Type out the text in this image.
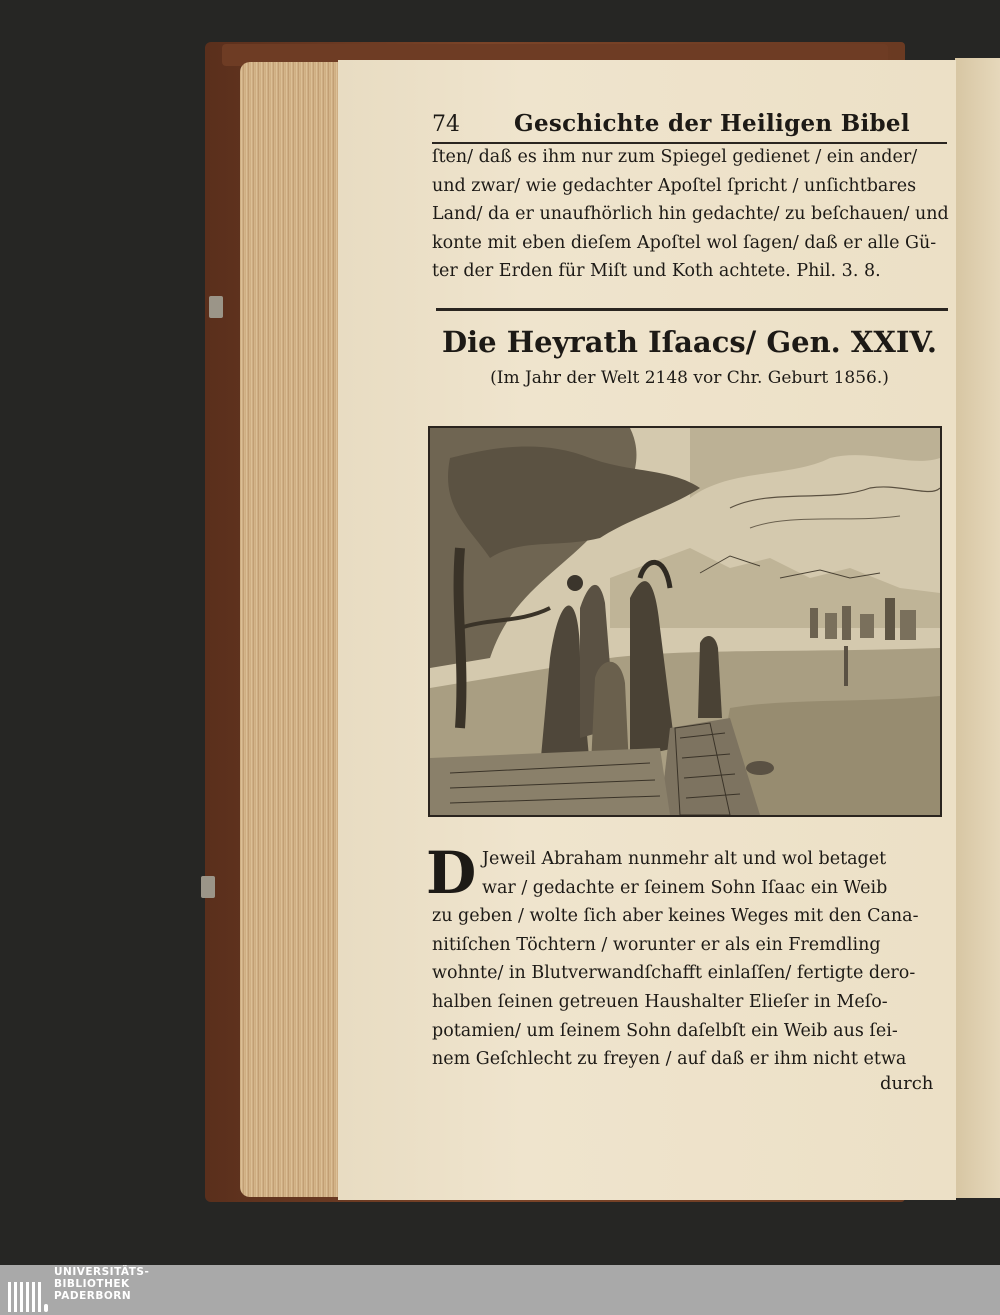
74 Geschichte der Heiligen Bibel
ſten/ daß es ihm nur zum Spiegel gedienet / ein ander/
und zwar/ wie gedachter Apoſtel ſpricht / unſichtbares
Land/ da er unaufhörlich hin gedachte/ zu beſchauen/ und
konte mit eben dieſem Apoſtel wol ſagen/ daß er alle Gü-
ter der Erden für Miſt und Koth achtete. Phil. 3. 8.
Die Heyrath Iſaacs/ Gen. XXIV.
(Im Jahr der Welt 2148 vor Chr. Geburt 1856.)
D Jeweil Abraham nunmehr alt und wol betaget
war / gedachte er ſeinem Sohn Iſaac ein Weib
zu geben / wolte ſich aber keines Weges mit den Cana-
nitiſchen Töchtern / worunter er als ein Fremdling
wohnte/ in Blutverwandſchafft einlaſſen/ fertigte dero-
halben ſeinen getreuen Haushalter Elieſer in Meſo-
potamien/ um ſeinem Sohn daſelbſt ein Weib aus ſei-
nem Geſchlecht zu freyen / auf daß er ihm nicht etwa
durch
UNIVERSITÄTS-
BIBLIOTHEK
PADERBORN
